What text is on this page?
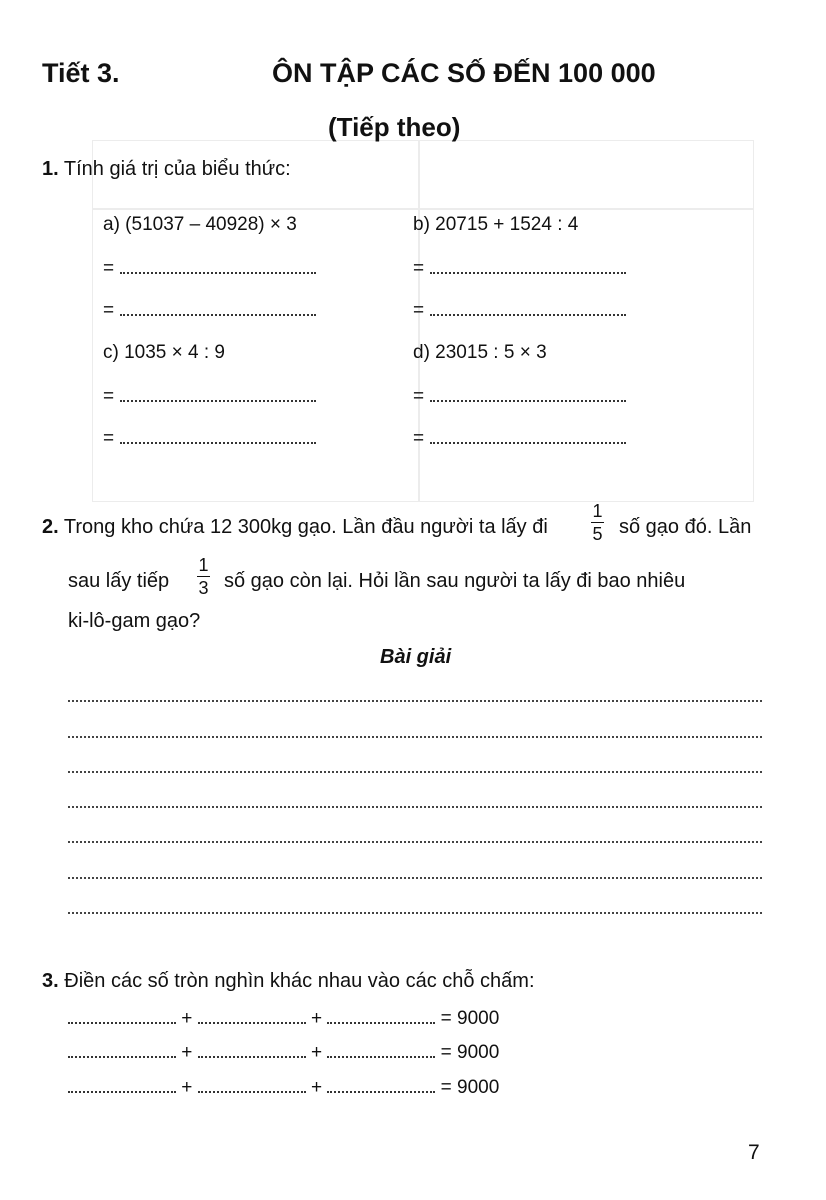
Tiết 3.	ÔN TẬP CÁC SỐ ĐẾN 100 000
(Tiếp theo)
1. Tính giá trị của biểu thức:
a) (51037 – 40928) × 3
=
=
b) 20715 + 1524 : 4
=
=
c) 1035 × 4 : 9
=
=
d) 23015 : 5 × 3
=
=
2. Trong kho chứa 12 300kg gạo. Lần đầu người ta lấy đi
1
5 số gạo đó. Lần
sau lấy tiếp
1
3 số gạo còn lại. Hỏi lần sau người ta lấy đi bao nhiêu
ki-lô-gam gạo?
Bài giải
3. Điền các số tròn nghìn khác nhau vào các chỗ chấm:
+	+	= 9000
+	+	= 9000
+	+	= 9000
7
